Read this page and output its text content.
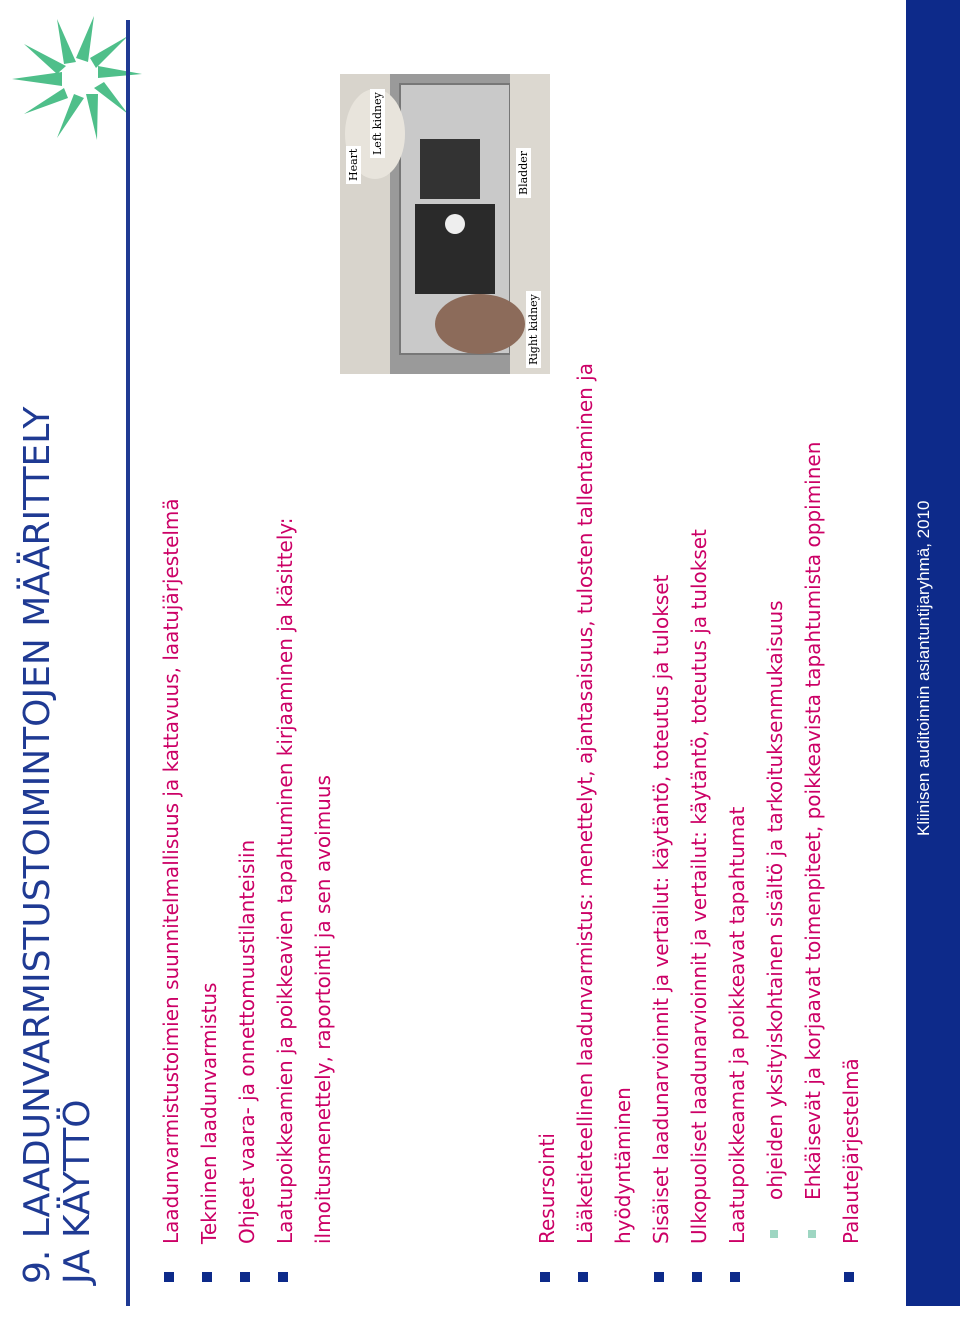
9. LAADUNVARMISTUSTOIMINTOJEN MÄÄRITTELY JA KÄYTTÖ	Laadunvarmistustoimien suunnitelmallisuus ja kattavuus, laatujärjestelmä Tekninen laadunvarmistus Ohjeet vaara- ja onnettomuustilanteisiin Laatupoikkeamien ja poikkeavien tapahtuminen kirjaaminen ja käsittely: ilmoitusmenettely, raportointi ja sen avoimuus
Heart
Left kidney
Right kidney
Bladder
Resursointi Lääketieteellinen laadunvarmistus: menettelyt, ajantasaisuus, tulosten tallentaminen ja hyödyntäminen Sisäiset laadunarvioinnit ja vertailut: käytäntö, toteutus ja tulokset Ulkopuoliset laadunarvioinnit ja vertailut: käytäntö, toteutus ja tulokset Laatupoikkeamat ja poikkeavat tapahtumat ohjeiden yksityiskohtainen sisältö ja tarkoituksenmukaisuus Ehkäisevät ja korjaavat toimenpiteet, poikkeavista tapahtumista oppiminen Palautejärjestelmä
Kliinisen auditoinnin asiantuntijaryhmä, 2010
